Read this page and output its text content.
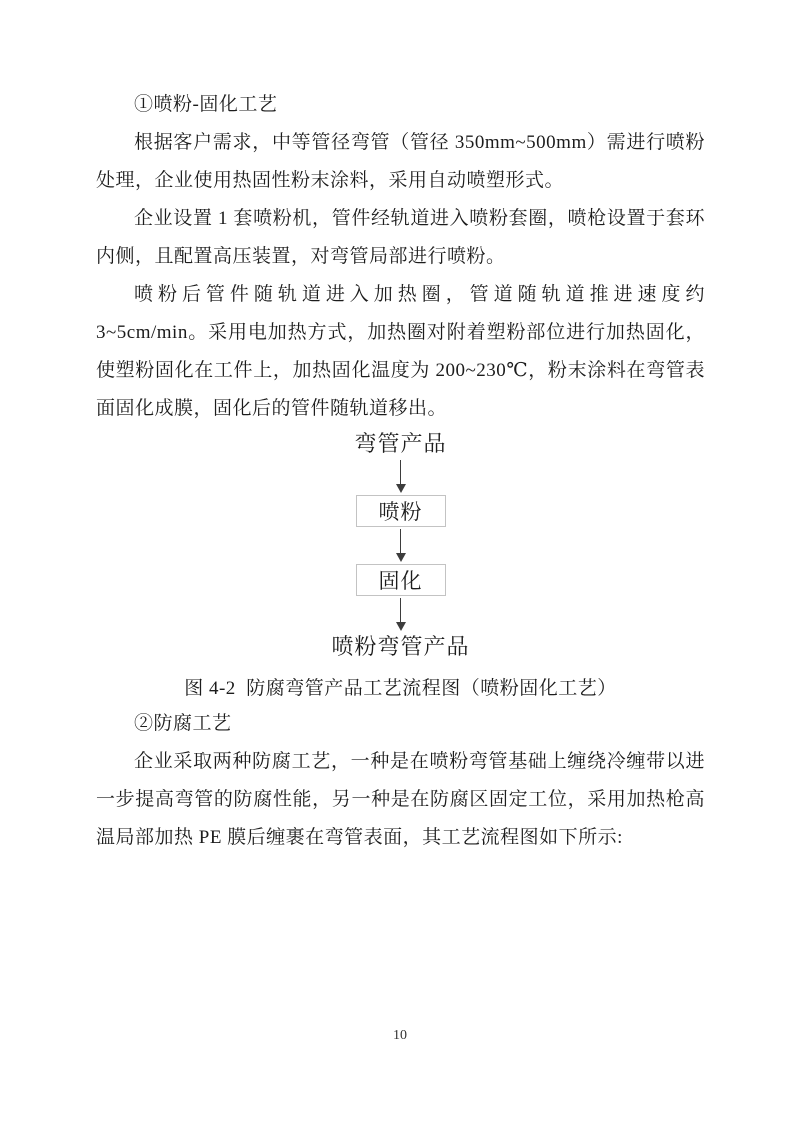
①喷粉-固化工艺

根据客户需求，中等管径弯管（管径 350mm~500mm）需进行喷粉处理，企业使用热固性粉末涂料，采用自动喷塑形式。

企业设置 1 套喷粉机，管件经轨道进入喷粉套圈，喷枪设置于套环内侧，且配置高压装置，对弯管局部进行喷粉。

喷粉后管件随轨道进入加热圈，管道随轨道推进速度约 3~5cm/min。采用电加热方式，加热圈对附着塑粉部位进行加热固化，使塑粉固化在工件上，加热固化温度为 200~230℃，粉末涂料在弯管表面固化成膜，固化后的管件随轨道移出。

弯管产品
喷粉
固化
喷粉弯管产品

图 4-2  防腐弯管产品工艺流程图（喷粉固化工艺）

②防腐工艺

企业采取两种防腐工艺，一种是在喷粉弯管基础上缠绕冷缠带以进一步提高弯管的防腐性能，另一种是在防腐区固定工位，采用加热枪高温局部加热 PE 膜后缠裹在弯管表面，其工艺流程图如下所示:

10
